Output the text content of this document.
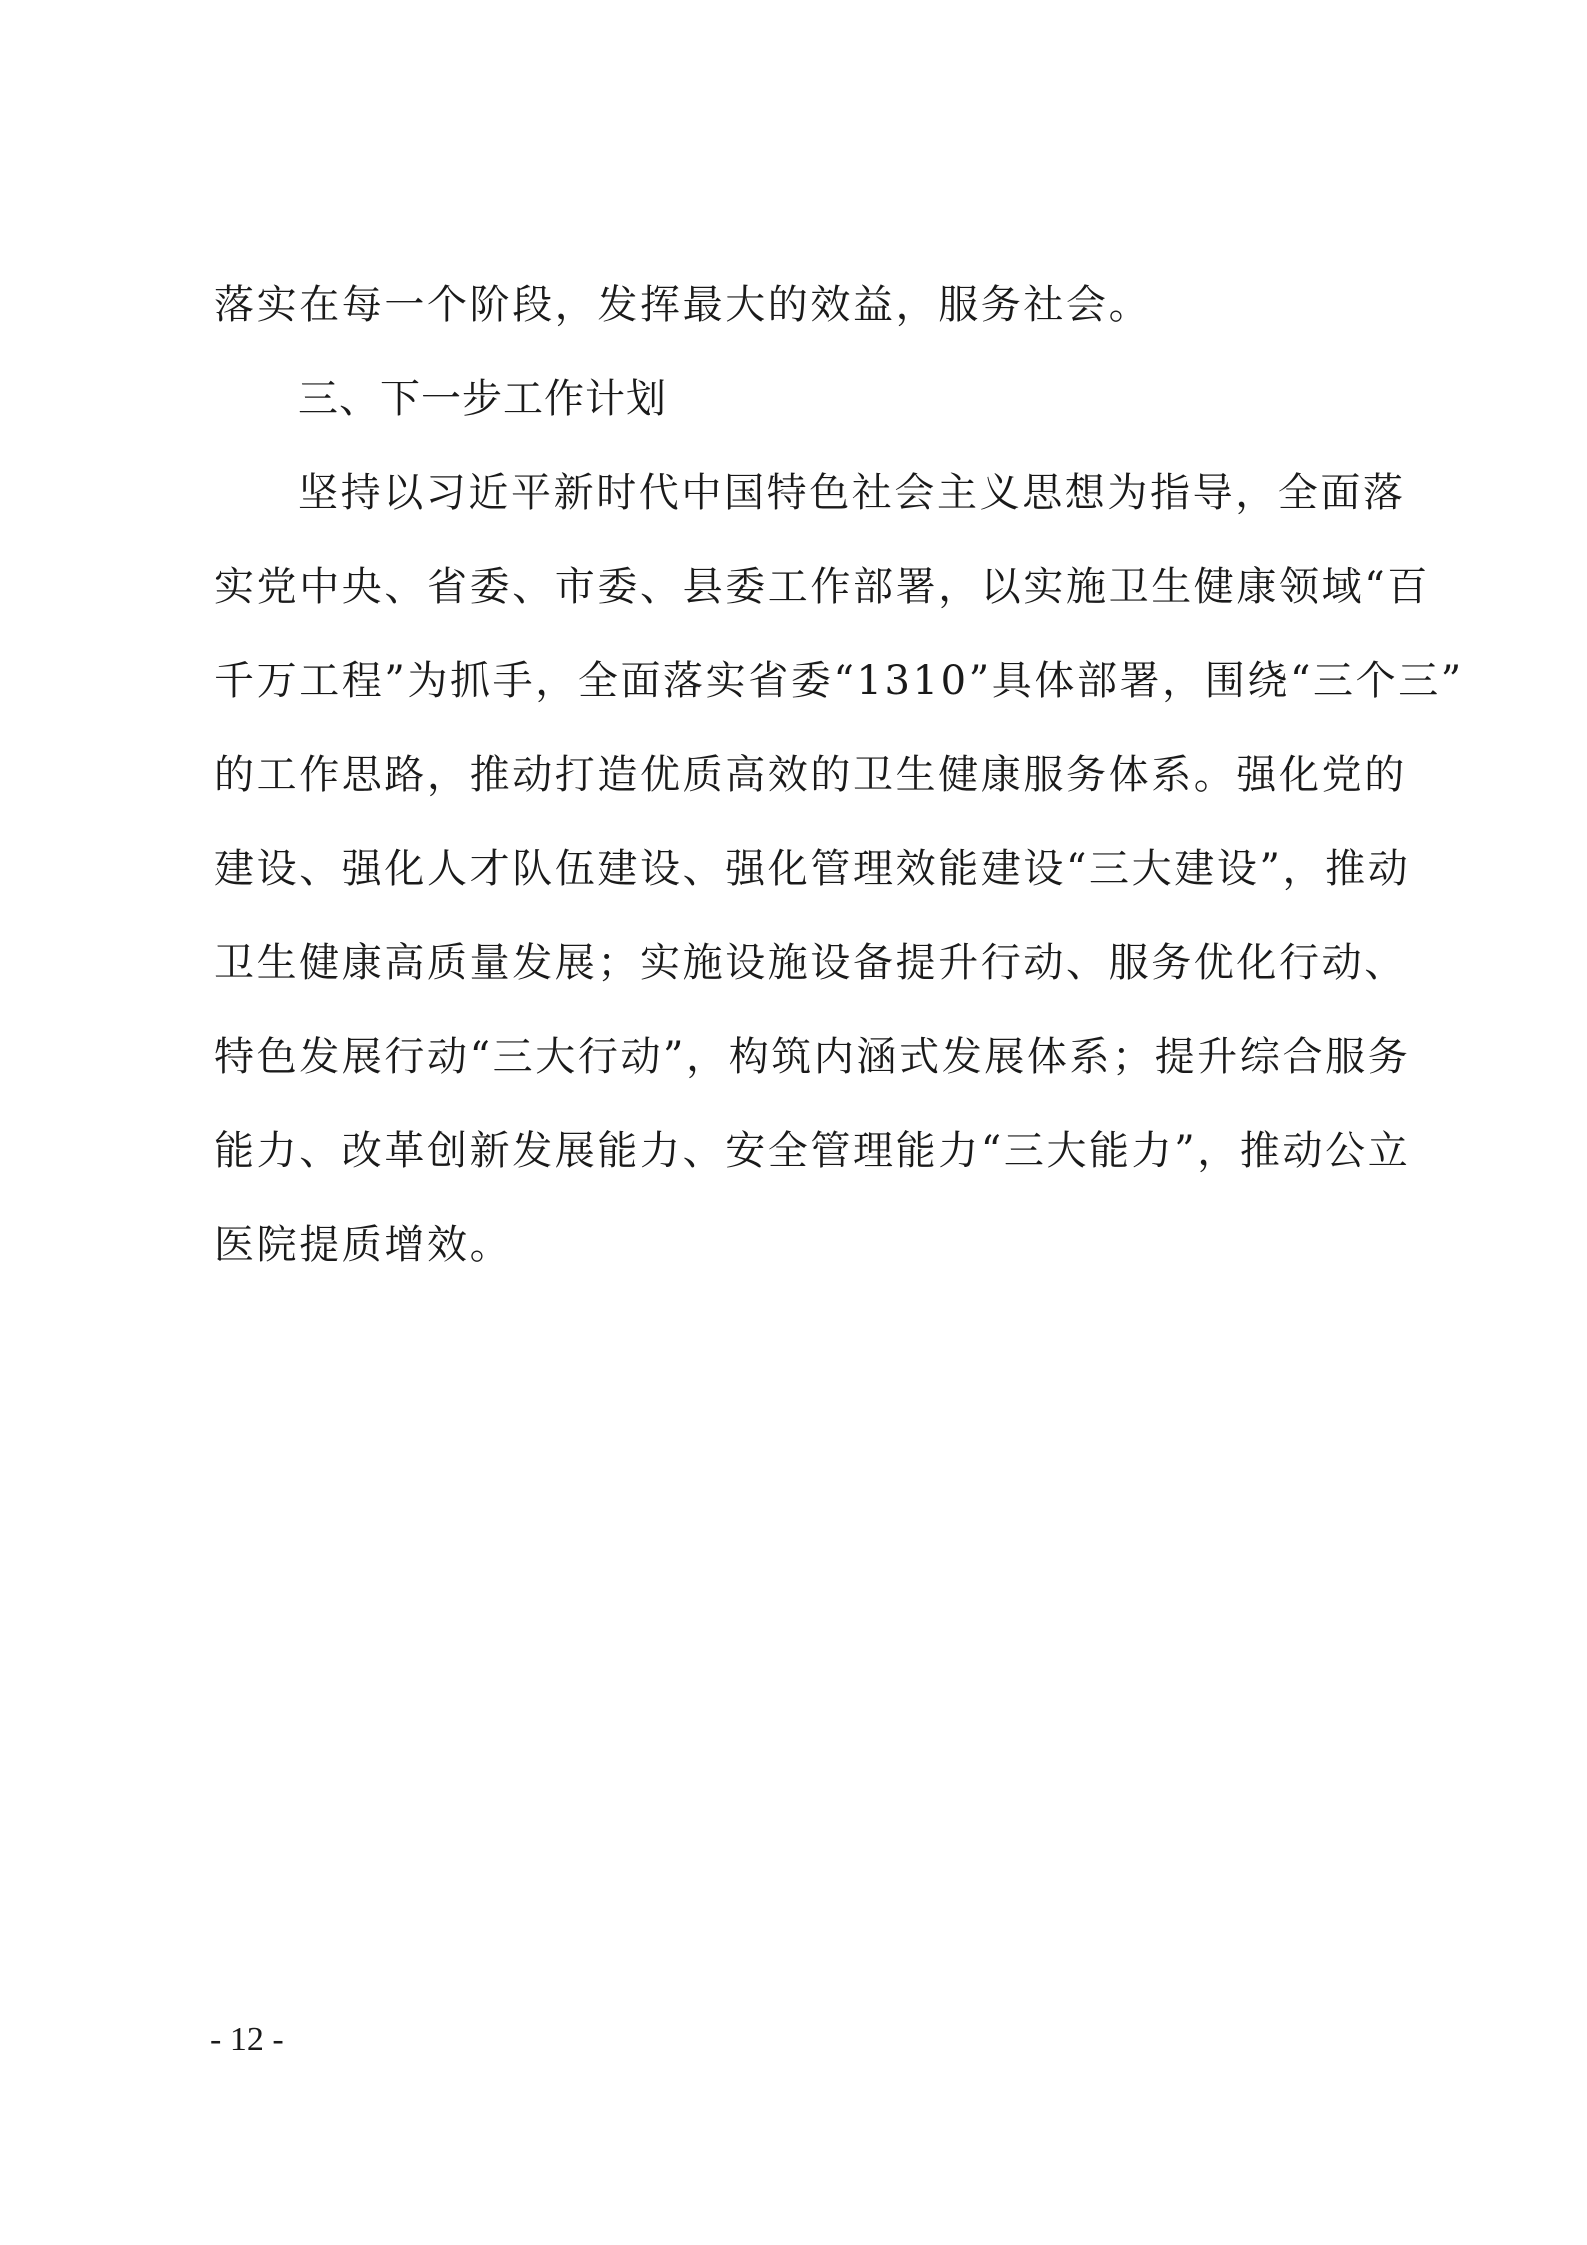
落实在每一个阶段，发挥最大的效益，服务社会。
三、下一步工作计划
坚持以习近平新时代中国特色社会主义思想为指导，全面落
实党中央、省委、市委、县委工作部署，以实施卫生健康领域“百
千万工程”为抓手，全面落实省委“1310”具体部署，围绕“三个三”
的工作思路，推动打造优质高效的卫生健康服务体系。强化党的
建设、强化人才队伍建设、强化管理效能建设“三大建设”，推动
卫生健康高质量发展；实施设施设备提升行动、服务优化行动、
特色发展行动“三大行动”，构筑内涵式发展体系；提升综合服务
能力、改革创新发展能力、安全管理能力“三大能力”，推动公立
医院提质增效。
- 12 -
